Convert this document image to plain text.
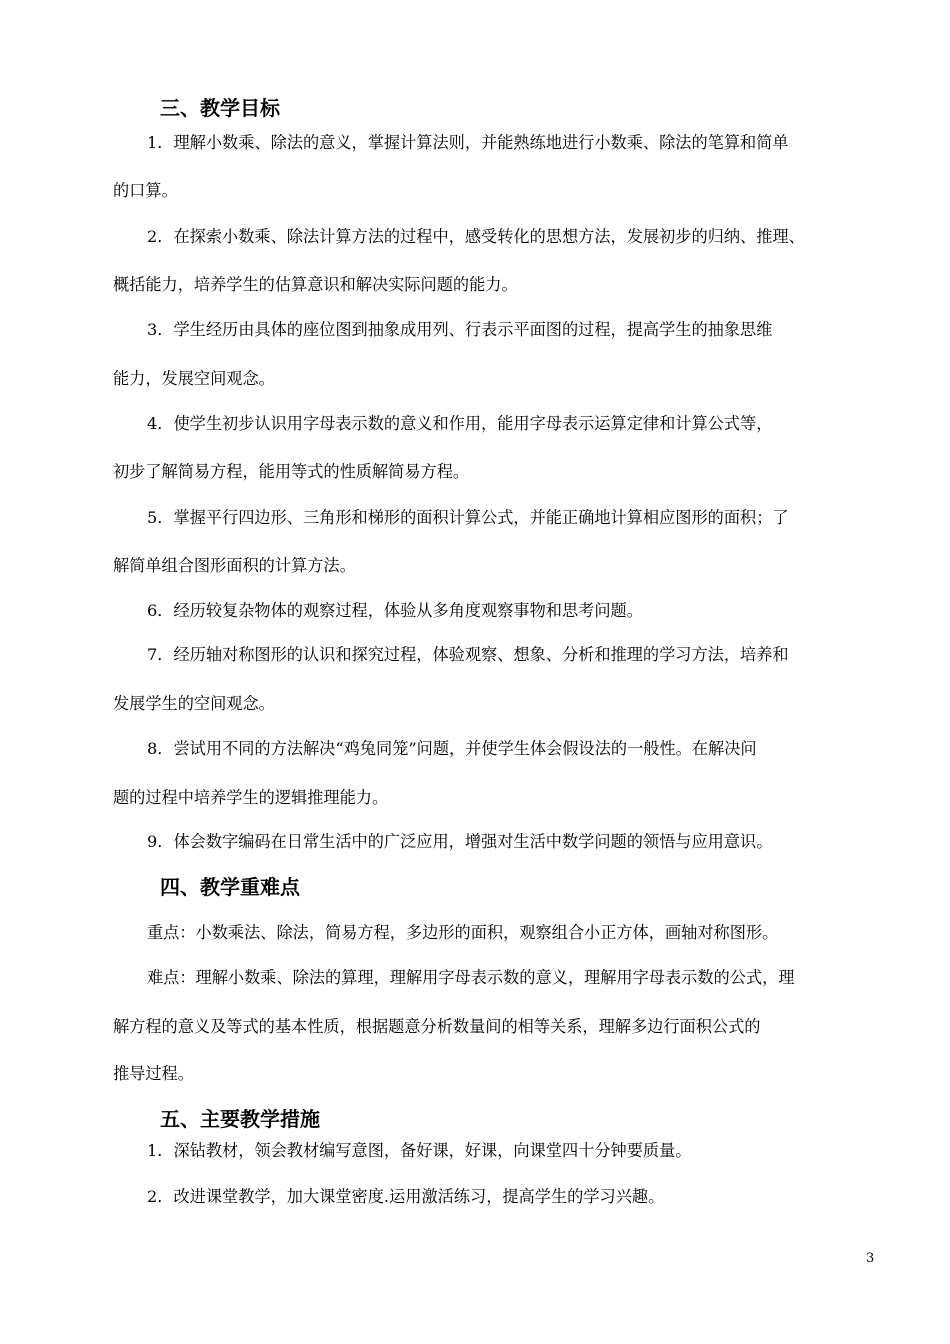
三、教学目标
1．理解小数乘、除法的意义，掌握计算法则，并能熟练地进行小数乘、除法的笔算和简单
的口算。
2．在探索小数乘、除法计算方法的过程中，感受转化的思想方法，发展初步的归纳、推理、
概括能力，培养学生的估算意识和解决实际问题的能力。
3．学生经历由具体的座位图到抽象成用列、行表示平面图的过程，提高学生的抽象思维
能力，发展空间观念。
4．使学生初步认识用字母表示数的意义和作用，能用字母表示运算定律和计算公式等，
初步了解简易方程，能用等式的性质解简易方程。
5．掌握平行四边形、三角形和梯形的面积计算公式，并能正确地计算相应图形的面积；了
解简单组合图形面积的计算方法。
6．经历较复杂物体的观察过程，体验从多角度观察事物和思考问题。
7．经历轴对称图形的认识和探究过程，体验观察、想象、分析和推理的学习方法，培养和
发展学生的空间观念。
8．尝试用不同的方法解决“鸡兔同笼”问题，并使学生体会假设法的一般性。在解决问
题的过程中培养学生的逻辑推理能力。
9．体会数字编码在日常生活中的广泛应用，增强对生活中数学问题的领悟与应用意识。
四、教学重难点
重点：小数乘法、除法，简易方程，多边形的面积，观察组合小正方体，画轴对称图形。
难点：理解小数乘、除法的算理，理解用字母表示数的意义，理解用字母表示数的公式，理
解方程的意义及等式的基本性质，根据题意分析数量间的相等关系，理解多边行面积公式的
推导过程。
五、主要教学措施
1．深钻教材，领会教材编写意图，备好课，好课，向课堂四十分钟要质量。
2．改进课堂教学，加大课堂密度.运用激活练习，提高学生的学习兴趣。
3
